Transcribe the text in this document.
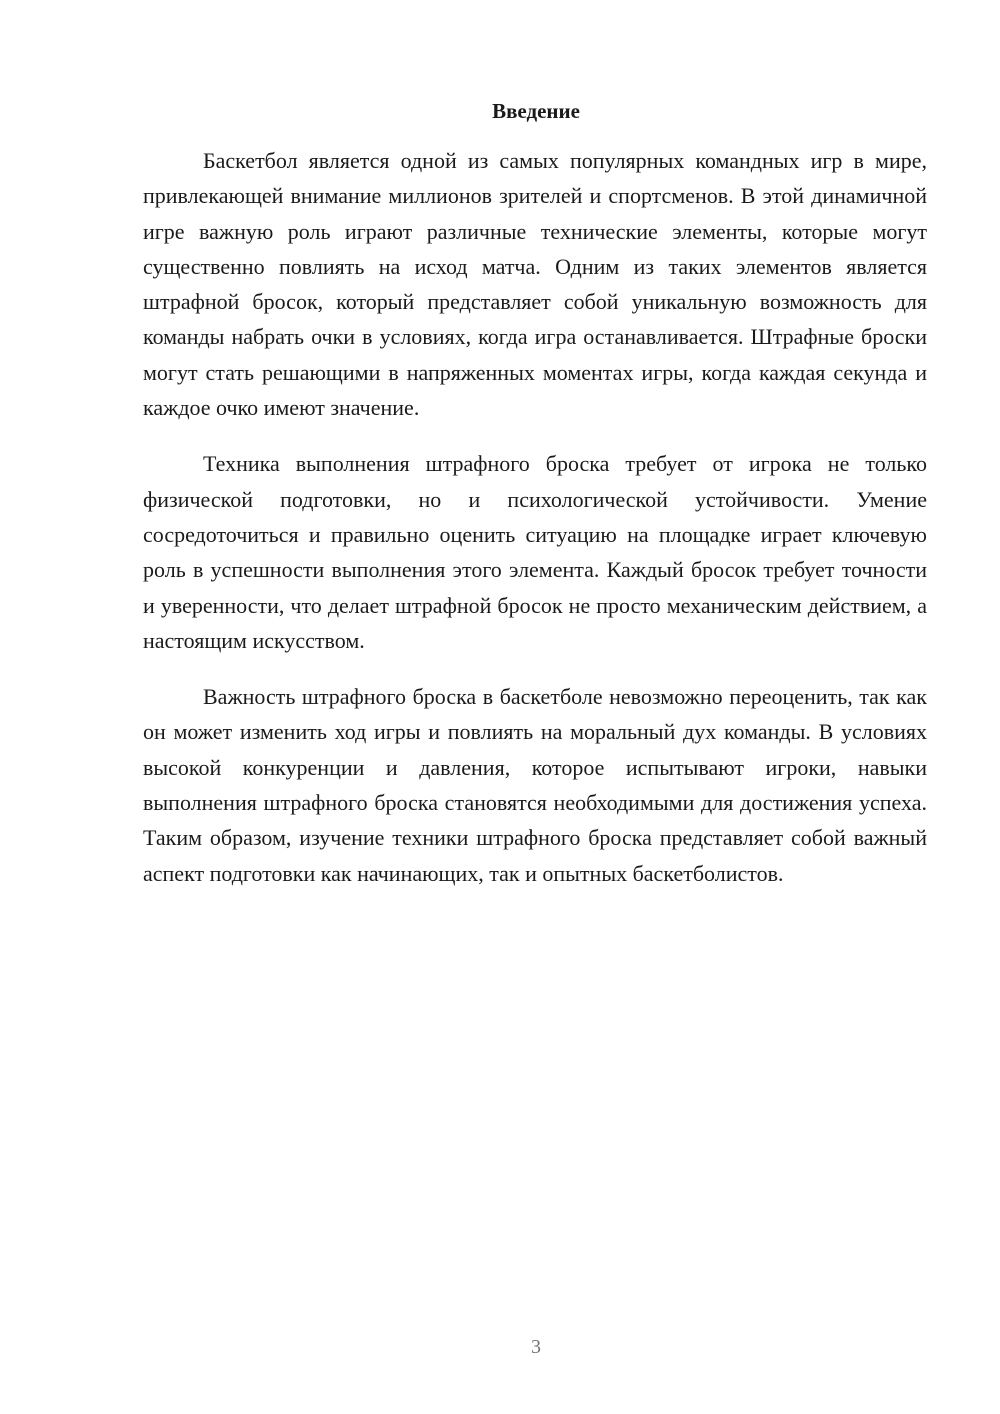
Введение

Баскетбол является одной из самых популярных командных игр в мире, привлекающей внимание миллионов зрителей и спортсменов. В этой динамичной игре важную роль играют различные технические элементы, которые могут существенно повлиять на исход матча. Одним из таких элементов является штрафной бросок, который представляет собой уникальную возможность для команды набрать очки в условиях, когда игра останавливается. Штрафные броски могут стать решающими в напряженных моментах игры, когда каждая секунда и каждое очко имеют значение.

Техника выполнения штрафного броска требует от игрока не только физической подготовки, но и психологической устойчивости. Умение сосредоточиться и правильно оценить ситуацию на площадке играет ключевую роль в успешности выполнения этого элемента. Каждый бросок требует точности и уверенности, что делает штрафной бросок не просто механическим действием, а настоящим искусством.

Важность штрафного броска в баскетболе невозможно переоценить, так как он может изменить ход игры и повлиять на моральный дух команды. В условиях высокой конкуренции и давления, которое испытывают игроки, навыки выполнения штрафного броска становятся необходимыми для достижения успеха. Таким образом, изучение техники штрафного броска представляет собой важный аспект подготовки как начинающих, так и опытных баскетболистов.

3
